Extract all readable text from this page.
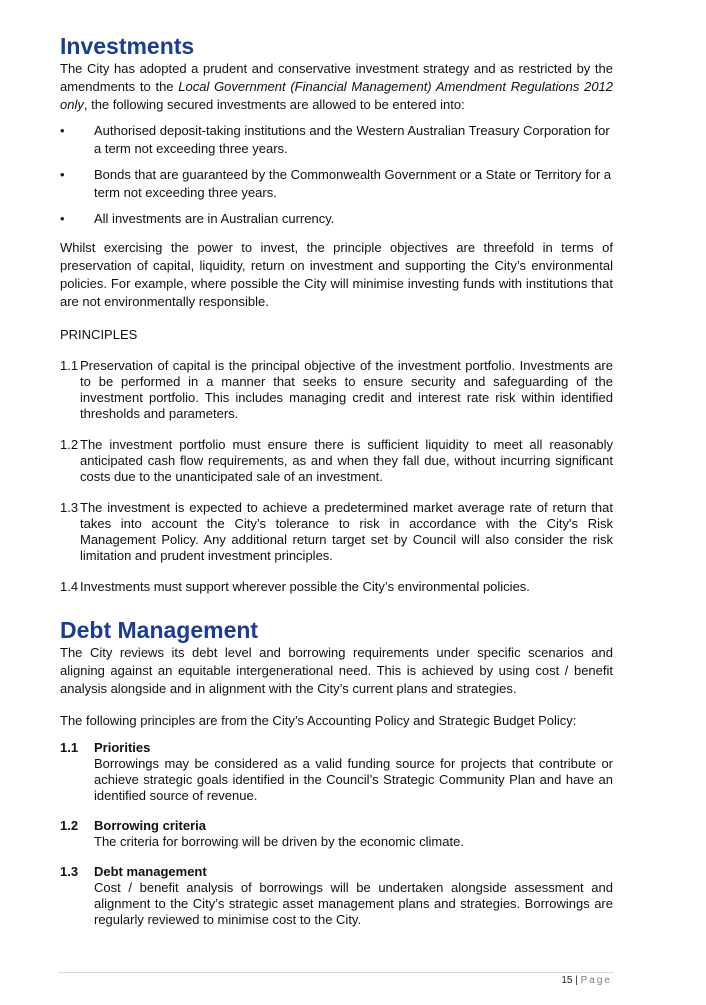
Investments

The City has adopted a prudent and conservative investment strategy and as restricted by the amendments to the Local Government (Financial Management) Amendment Regulations 2012 only, the following secured investments are allowed to be entered into:

• Authorised deposit-taking institutions and the Western Australian Treasury Corporation for a term not exceeding three years.
• Bonds that are guaranteed by the Commonwealth Government or a State or Territory for a term not exceeding three years.
• All investments are in Australian currency.

Whilst exercising the power to invest, the principle objectives are threefold in terms of preservation of capital, liquidity, return on investment and supporting the City’s environmental policies. For example, where possible the City will minimise investing funds with institutions that are not environmentally responsible.

PRINCIPLES

1.1 Preservation of capital is the principal objective of the investment portfolio. Investments are to be performed in a manner that seeks to ensure security and safeguarding of the investment portfolio. This includes managing credit and interest rate risk within identified thresholds and parameters.

1.2 The investment portfolio must ensure there is sufficient liquidity to meet all reasonably anticipated cash flow requirements, as and when they fall due, without incurring significant costs due to the unanticipated sale of an investment.

1.3 The investment is expected to achieve a predetermined market average rate of return that takes into account the City’s tolerance to risk in accordance with the City's Risk Management Policy. Any additional return target set by Council will also consider the risk limitation and prudent investment principles.

1.4 Investments must support wherever possible the City’s environmental policies.

Debt Management

The City reviews its debt level and borrowing requirements under specific scenarios and aligning against an equitable intergenerational need. This is achieved by using cost / benefit analysis alongside and in alignment with the City’s current plans and strategies.

The following principles are from the City’s Accounting Policy and Strategic Budget Policy:

1.1 Priorities
Borrowings may be considered as a valid funding source for projects that contribute or achieve strategic goals identified in the Council’s Strategic Community Plan and have an identified source of revenue.
1.2 Borrowing criteria
The criteria for borrowing will be driven by the economic climate.
1.3 Debt management
Cost / benefit analysis of borrowings will be undertaken alongside assessment and alignment to the City’s strategic asset management plans and strategies. Borrowings are regularly reviewed to minimise cost to the City.
15 | Page
